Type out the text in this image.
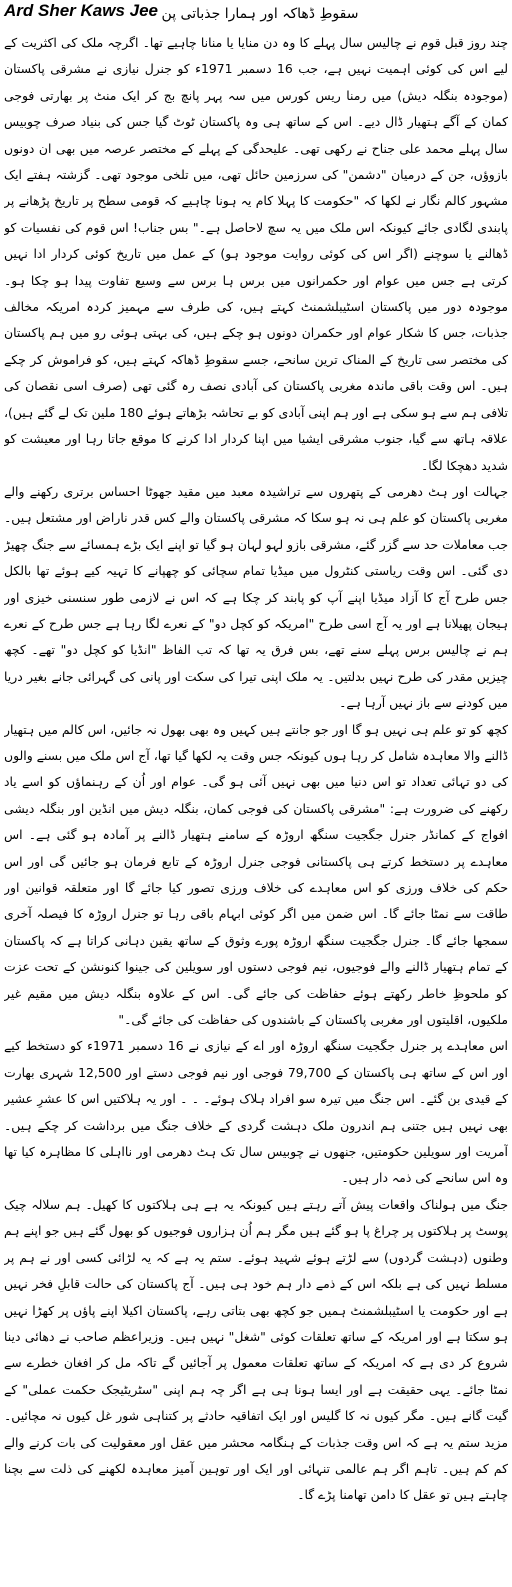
Ard Sher Kaws Jee سقوطِ ڈھاکہ اور ہمارا جذباتی پن

چند روز قبل قوم نے چالیس سال پہلے کا وہ دن منایا یا منانا چاہیے تھا۔ اگرچہ ملک کی اکثریت کے لیے اس کی کوئی اہمیت نہیں ہے، جب 16 دسمبر 1971ء کو جنرل نیازی نے مشرقی پاکستان (موجودہ بنگلہ دیش) میں رمنا ریس کورس میں سہ پہر پانچ بج کر ایک منٹ پر بھارتی فوجی کمان کے آگے ہتھیار ڈال دیے۔ اس کے ساتھ ہی وہ پاکستان ٹوٹ گیا جس کی بنیاد صرف چوبیس سال پہلے محمد علی جناح نے رکھی تھی۔ علیحدگی کے پہلے کے مختصر عرصہ میں بھی ان دونوں بازوؤں، جن کے درمیان "دشمن" کی سرزمین حائل تھی، میں تلخی موجود تھی۔ گزشتہ ہفتے ایک مشہور کالم نگار نے لکھا کہ "حکومت کا پہلا کام یہ ہونا چاہیے کہ قومی سطح پر تاریخ پڑھانے پر پابندی لگادی جائے کیونکہ اس ملک میں یہ سچ لاحاصل ہے۔" بس جناب! اس قوم کی نفسیات کو ڈھالنے یا سوچنے (اگر اس کی کوئی روایت موجود ہو) کے عمل میں تاریخ کوئی کردار ادا نہیں کرتی ہے جس میں عوام اور حکمرانوں میں برس ہا برس سے وسیع تفاوت پیدا ہو چکا ہو۔ موجودہ دور میں پاکستان اسٹیبلشمنٹ کہتے ہیں، کی طرف سے مہمیز کردہ امریکہ مخالف جذبات، جس کا شکار عوام اور حکمران دونوں ہو چکے ہیں، کی بہتی ہوئی رو میں ہم پاکستان کی مختصر سی تاریخ کے المناک ترین سانحے، جسے سقوطِ ڈھاکہ کہتے ہیں، کو فراموش کر چکے ہیں۔ اس وقت باقی ماندہ مغربی پاکستان کی آبادی نصف رہ گئی تھی (صرف اسی نقصان کی تلافی ہم سے ہو سکی ہے اور ہم اپنی آبادی کو بے تحاشہ بڑھاتے ہوئے 180 ملین تک لے گئے ہیں)، علاقہ ہاتھ سے گیا، جنوب مشرقی ایشیا میں اپنا کردار ادا کرنے کا موقع جاتا رہا اور معیشت کو شدید دھچکا لگا۔

جہالت اور ہٹ دھرمی کے پتھروں سے تراشیدہ معبد میں مقید جھوٹا احساس برتری رکھنے والے مغربی پاکستان کو علم ہی نہ ہو سکا کہ مشرقی پاکستان والے کس قدر ناراض اور مشتعل ہیں۔ جب معاملات حد سے گزر گئے، مشرقی بازو لہو لہان ہو گیا تو اپنے ایک بڑے ہمسائے سے جنگ چھیڑ دی گئی۔ اس وقت ریاستی کنٹرول میں میڈیا تمام سچائی کو چھپانے کا تہیہ کیے ہوئے تھا بالکل جس طرح آج کا آزاد میڈیا اپنے آپ کو پابند کر چکا ہے کہ اس نے لازمی طور سنسنی خیزی اور ہیجان پھیلانا ہے اور یہ آج اسی طرح "امریکہ کو کچل دو" کے نعرے لگا رہا ہے جس طرح کے نعرے ہم نے چالیس برس پہلے سنے تھے، بس فرق یہ تھا کہ تب الفاظ "انڈیا کو کچل دو" تھے۔ کچھ چیزیں مقدر کی طرح نہیں بدلتیں۔ یہ ملک اپنی تیرا کی سکت اور پانی کی گہرائی جانے بغیر دریا میں کودنے سے باز نہیں آرہا ہے۔

کچھ کو تو علم ہی نہیں ہو گا اور جو جانتے ہیں کہیں وہ بھی بھول نہ جائیں، اس کالم میں ہتھیار ڈالنے والا معاہدہ شامل کر رہا ہوں کیونکہ جس وقت یہ لکھا گیا تھا، آج اس ملک میں بسنے والوں کی دو تہائی تعداد تو اس دنیا میں بھی نہیں آئی ہو گی۔ عوام اور اُن کے رہنماؤں کو اسے یاد رکھنے کی ضرورت ہے: "مشرقی پاکستان کی فوجی کمان، بنگلہ دیش میں انڈین اور بنگلہ دیشی افواج کے کمانڈر جنرل جگجیت سنگھ اروڑہ کے سامنے ہتھیار ڈالنے پر آمادہ ہو گئی ہے۔ اس معاہدے پر دستخط کرتے ہی پاکستانی فوجی جنرل اروڑہ کے تابع فرمان ہو جائیں گی اور اس حکم کی خلاف ورزی کو اس معاہدے کی خلاف ورزی تصور کیا جائے گا اور متعلقہ قوانین اور طاقت سے نمٹا جائے گا۔ اس ضمن میں اگر کوئی ابہام باقی رہا تو جنرل اروڑہ کا فیصلہ آخری سمجھا جائے گا۔ جنرل جگجیت سنگھ اروڑہ پورے وثوق کے ساتھ یقین دہانی کراتا ہے کہ پاکستان کے تمام ہتھیار ڈالنے والے فوجیوں، نیم فوجی دستوں اور سویلین کی جینوا کنونشن کے تحت عزت کو ملحوظِ خاطر رکھتے ہوئے حفاظت کی جائے گی۔ اس کے علاوہ بنگلہ دیش میں مقیم غیر ملکیوں، اقلیتوں اور مغربی پاکستان کے باشندوں کی حفاظت کی جائے گی۔"

اس معاہدے پر جنرل جگجیت سنگھ اروڑہ اور اے کے نیازی نے 16 دسمبر 1971ء کو دستخط کیے اور اس کے ساتھ ہی پاکستان کے 79,700 فوجی اور نیم فوجی دستے اور 12,500 شہری بھارت کے قیدی بن گئے۔ اس جنگ میں تیرہ سو افراد ہلاک ہوئے۔ ۔ ۔ اور یہ ہلاکتیں اس کا عشرِ عشیر بھی نہیں ہیں جتنی ہم اندرون ملک دہشت گردی کے خلاف جنگ میں برداشت کر چکے ہیں۔ آمریت اور سویلین حکومتیں، جنھوں نے چوبیس سال تک ہٹ دھرمی اور نااہلی کا مظاہرہ کیا تھا وہ اس سانحے کی ذمہ دار ہیں۔

جنگ میں ہولناک واقعات پیش آتے رہتے ہیں کیونکہ یہ ہے ہی ہلاکتوں کا کھیل۔ ہم سلالہ چیک پوسٹ پر ہلاکتوں پر چراغ پا ہو گئے ہیں مگر ہم اُن ہزاروں فوجیوں کو بھول گئے ہیں جو اپنے ہم وطنوں (دہشت گردوں) سے لڑتے ہوئے شہید ہوئے۔ ستم یہ ہے کہ یہ لڑائی کسی اور نے ہم پر مسلط نہیں کی ہے بلکہ اس کے ذمے دار ہم خود ہی ہیں۔ آج پاکستان کی حالت قابلِ فخر نہیں ہے اور حکومت یا اسٹیبلشمنٹ ہمیں جو کچھ بھی بتاتی رہے، پاکستان اکیلا اپنے پاؤں پر کھڑا نہیں ہو سکتا ہے اور امریکہ کے ساتھ تعلقات کوئی "شغل" نہیں ہیں۔ وزیراعظم صاحب نے دھائی دینا شروع کر دی ہے کہ امریکہ کے ساتھ تعلقات معمول پر آجائیں گے تاکہ مل کر افغان خطرے سے نمٹا جائے۔ یہی حقیقت ہے اور ایسا ہونا ہی ہے اگر چہ ہم اپنی "سٹریٹیجک حکمت عملی" کے گیت گانے ہیں۔ مگر کیوں نہ کا گلیس اور ایک اتفاقیہ حادثے پر کتناہی شور غل کیوں نہ مچائیں۔ مزید ستم یہ ہے کہ اس وقت جذبات کے ہنگامہ محشر میں عقل اور معقولیت کی بات کرنے والے کم کم ہیں۔ تاہم اگر ہم عالمی تنہائی اور ایک اور توہین آمیز معاہدہ لکھنے کی ذلت سے بچنا چاہتے ہیں تو عقل کا دامن تھامنا پڑے گا۔
